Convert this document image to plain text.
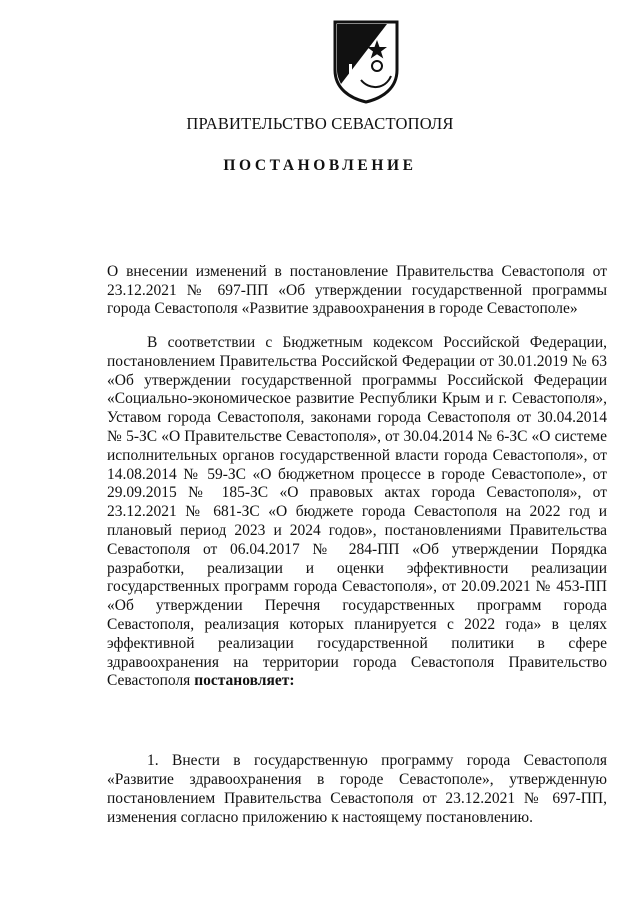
ПРАВИТЕЛЬСТВО СЕВАСТОПОЛЯ
ПОСТАНОВЛЕНИЕ
О внесении изменений в постановление Правительства Севастополя от 23.12.2021 № 697-ПП «Об утверждении государственной программы города Севастополя «Развитие здравоохранения в городе Севастополе»
В соответствии с Бюджетным кодексом Российской Федерации, постановлением Правительства Российской Федерации от 30.01.2019 № 63 «Об утверждении государственной программы Российской Федерации «Социально-экономическое развитие Республики Крым и г. Севастополя», Уставом города Севастополя, законами города Севастополя от 30.04.2014 № 5-ЗС «О Правительстве Севастополя», от 30.04.2014 № 6-ЗС «О системе исполнительных органов государственной власти города Севастополя», от 14.08.2014 № 59-ЗС «О бюджетном процессе в городе Севастополе», от 29.09.2015 № 185-ЗС «О правовых актах города Севастополя», от 23.12.2021 № 681-ЗС «О бюджете города Севастополя на 2022 год и плановый период 2023 и 2024 годов», постановлениями Правительства Севастополя от 06.04.2017 № 284-ПП «Об утверждении Порядка разработки, реализации и оценки эффективности реализации государственных программ города Севастополя», от 20.09.2021 № 453-ПП «Об утверждении Перечня государственных программ города Севастополя, реализация которых планируется с 2022 года» в целях эффективной реализации государственной политики в сфере здравоохранения на территории города Севастополя Правительство Севастополя постановляет:
1. Внести в государственную программу города Севастополя «Развитие здравоохранения в городе Севастополе», утвержденную постановлением Правительства Севастополя от 23.12.2021 № 697-ПП, изменения согласно приложению к настоящему постановлению.
